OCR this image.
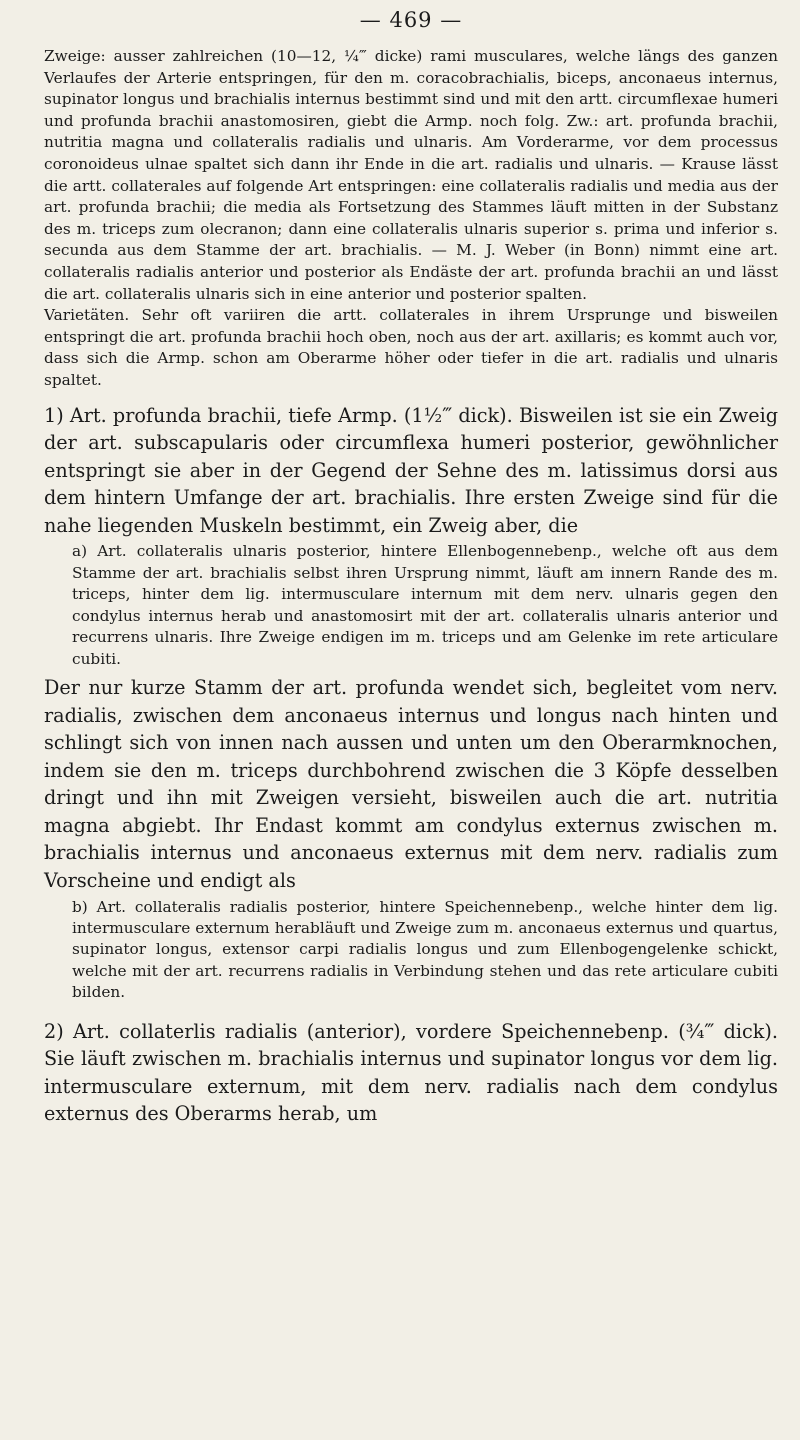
— 469 —

Zweige: ausser zahlreichen (10—12, ¼‴ dicke) rami musculares, welche längs des ganzen Verlaufes der Arterie entspringen, für den m. coracobrachialis, biceps, anconaeus internus, supinator longus und brachialis internus bestimmt sind und mit den artt. circumflexae humeri und profunda brachii anastomosiren, giebt die Armp. noch folg. Zw.: art. profunda brachii, nutritia magna und collateralis radialis und ulnaris. Am Vorderarme, vor dem processus coronoideus ulnae spaltet sich dann ihr Ende in die art. radialis und ulnaris. — Krause lässt die artt. collaterales auf folgende Art entspringen: eine collateralis radialis und media aus der art. profunda brachii; die media als Fortsetzung des Stammes läuft mitten in der Substanz des m. triceps zum olecranon; dann eine collateralis ulnaris superior s. prima und inferior s. secunda aus dem Stamme der art. brachialis. — M. J. Weber (in Bonn) nimmt eine art. collateralis radialis anterior und posterior als Endäste der art. profunda brachii an und lässt die art. collateralis ulnaris sich in eine anterior und posterior spalten.

Varietäten. Sehr oft variiren die artt. collaterales in ihrem Ursprunge und bisweilen entspringt die art. profunda brachii hoch oben, noch aus der art. axillaris; es kommt auch vor, dass sich die Armp. schon am Oberarme höher oder tiefer in die art. radialis und ulnaris spaltet.

1) Art. profunda brachii, tiefe Armp. (1½‴ dick). Bisweilen ist sie ein Zweig der art. subscapularis oder circumflexa humeri posterior, gewöhnlicher entspringt sie aber in der Gegend der Sehne des m. latissimus dorsi aus dem hintern Umfange der art. brachialis. Ihre ersten Zweige sind für die nahe liegenden Muskeln bestimmt, ein Zweig aber, die

a) Art. collateralis ulnaris posterior, hintere Ellenbogennebenp., welche oft aus dem Stamme der art. brachialis selbst ihren Ursprung nimmt, läuft am innern Rande des m. triceps, hinter dem lig. intermusculare internum mit dem nerv. ulnaris gegen den condylus internus herab und anastomosirt mit der art. collateralis ulnaris anterior und recurrens ulnaris. Ihre Zweige endigen im m. triceps und am Gelenke im rete articulare cubiti.

Der nur kurze Stamm der art. profunda wendet sich, begleitet vom nerv. radialis, zwischen dem anconaeus internus und longus nach hinten und schlingt sich von innen nach aussen und unten um den Oberarmknochen, indem sie den m. triceps durchbohrend zwischen die 3 Köpfe desselben dringt und ihn mit Zweigen versieht, bisweilen auch die art. nutritia magna abgiebt. Ihr Endast kommt am condylus externus zwischen m. brachialis internus und anconaeus externus mit dem nerv. radialis zum Vorscheine und endigt als

b) Art. collateralis radialis posterior, hintere Speichennebenp., welche hinter dem lig. intermusculare externum herabläuft und Zweige zum m. anconaeus externus und quartus, supinator longus, extensor carpi radialis longus und zum Ellenbogengelenke schickt, welche mit der art. recurrens radialis in Verbindung stehen und das rete articulare cubiti bilden.

2) Art. collaterlis radialis (anterior), vordere Speichennebenp. (¾‴ dick). Sie läuft zwischen m. brachialis internus und supinator longus vor dem lig. intermusculare externum, mit dem nerv. radialis nach dem condylus externus des Oberarms herab, um
